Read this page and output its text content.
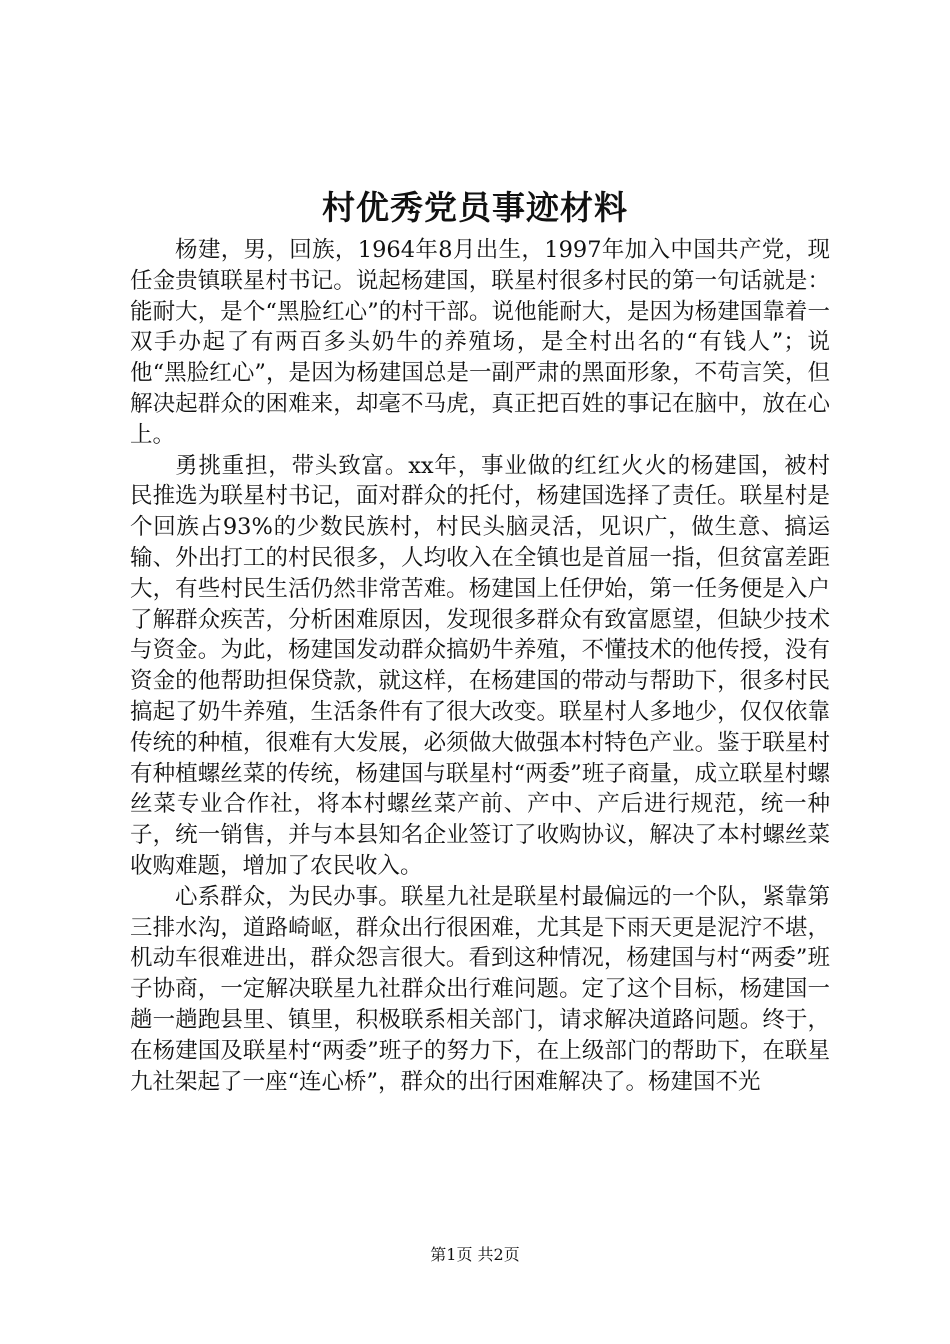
村优秀党员事迹材料

杨建，男，回族，1964年8月出生，1997年加入中国共产党，现任金贵镇联星村书记。说起杨建国，联星村很多村民的第一句话就是：能耐大，是个“黑脸红心”的村干部。说他能耐大，是因为杨建国靠着一双手办起了有两百多头奶牛的养殖场，是全村出名的“有钱人”；说他“黑脸红心”，是因为杨建国总是一副严肃的黑面形象，不苟言笑，但解决起群众的困难来，却毫不马虎，真正把百姓的事记在脑中，放在心上。

勇挑重担，带头致富。xx年，事业做的红红火火的杨建国，被村民推选为联星村书记，面对群众的托付，杨建国选择了责任。联星村是个回族占93%的少数民族村，村民头脑灵活，见识广，做生意、搞运输、外出打工的村民很多，人均收入在全镇也是首屈一指，但贫富差距大，有些村民生活仍然非常苦难。杨建国上任伊始，第一任务便是入户了解群众疾苦，分析困难原因，发现很多群众有致富愿望，但缺少技术与资金。为此，杨建国发动群众搞奶牛养殖，不懂技术的他传授，没有资金的他帮助担保贷款，就这样，在杨建国的带动与帮助下，很多村民搞起了奶牛养殖，生活条件有了很大改变。联星村人多地少，仅仅依靠传统的种植，很难有大发展，必须做大做强本村特色产业。鉴于联星村有种植螺丝菜的传统，杨建国与联星村“两委”班子商量，成立联星村螺丝菜专业合作社，将本村螺丝菜产前、产中、产后进行规范，统一种子，统一销售，并与本县知名企业签订了收购协议，解决了本村螺丝菜收购难题，增加了农民收入。

心系群众，为民办事。联星九社是联星村最偏远的一个队，紧靠第三排水沟，道路崎岖，群众出行很困难，尤其是下雨天更是泥泞不堪，机动车很难进出，群众怨言很大。看到这种情况，杨建国与村“两委”班子协商，一定解决联星九社群众出行难问题。定了这个目标，杨建国一趟一趟跑县里、镇里，积极联系相关部门，请求解决道路问题。终于，在杨建国及联星村“两委”班子的努力下，在上级部门的帮助下，在联星九社架起了一座“连心桥”，群众的出行困难解决了。杨建国不光

第1页 共2页
